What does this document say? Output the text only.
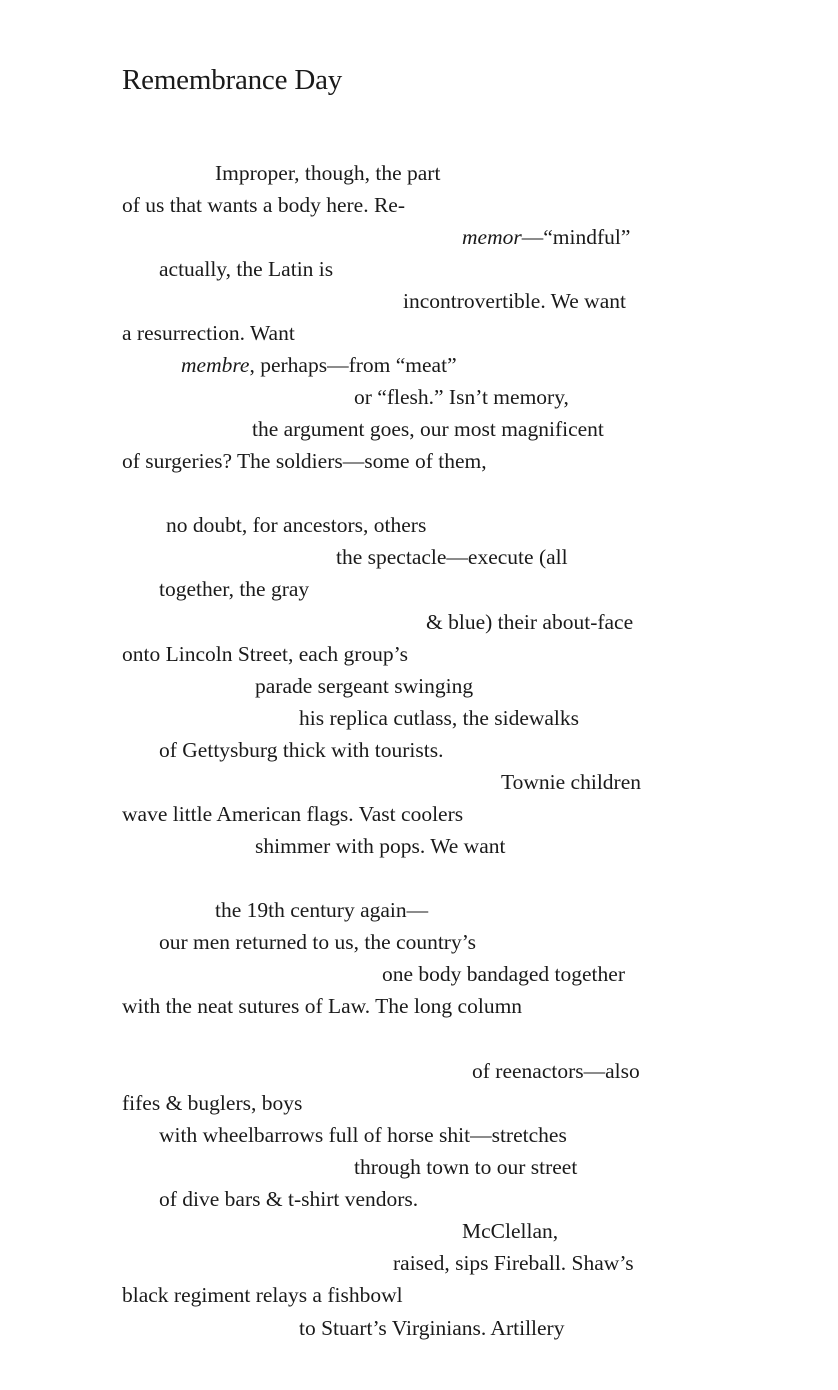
Remembrance Day
Improper, though, the part
of us that wants a body here. Re-
memor—“mindful”
actually, the Latin is
incontrovertible. We want
a resurrection. Want
membre, perhaps—from “meat”
or “flesh.” Isn’t memory,
the argument goes, our most magnificent
of surgeries? The soldiers—some of them,
no doubt, for ancestors, others
the spectacle—execute (all
together, the gray
& blue) their about-face
onto Lincoln Street, each group’s
parade sergeant swinging
his replica cutlass, the sidewalks
of Gettysburg thick with tourists.
Townie children
wave little American flags. Vast coolers
shimmer with pops. We want
the 19th century again—
our men returned to us, the country’s
one body bandaged together
with the neat sutures of Law. The long column
of reenactors—also
fifes & buglers, boys
with wheelbarrows full of horse shit—stretches
through town to our street
of dive bars & t-shirt vendors.
McClellan,
raised, sips Fireball. Shaw’s
black regiment relays a fishbowl
to Stuart’s Virginians. Artillery
